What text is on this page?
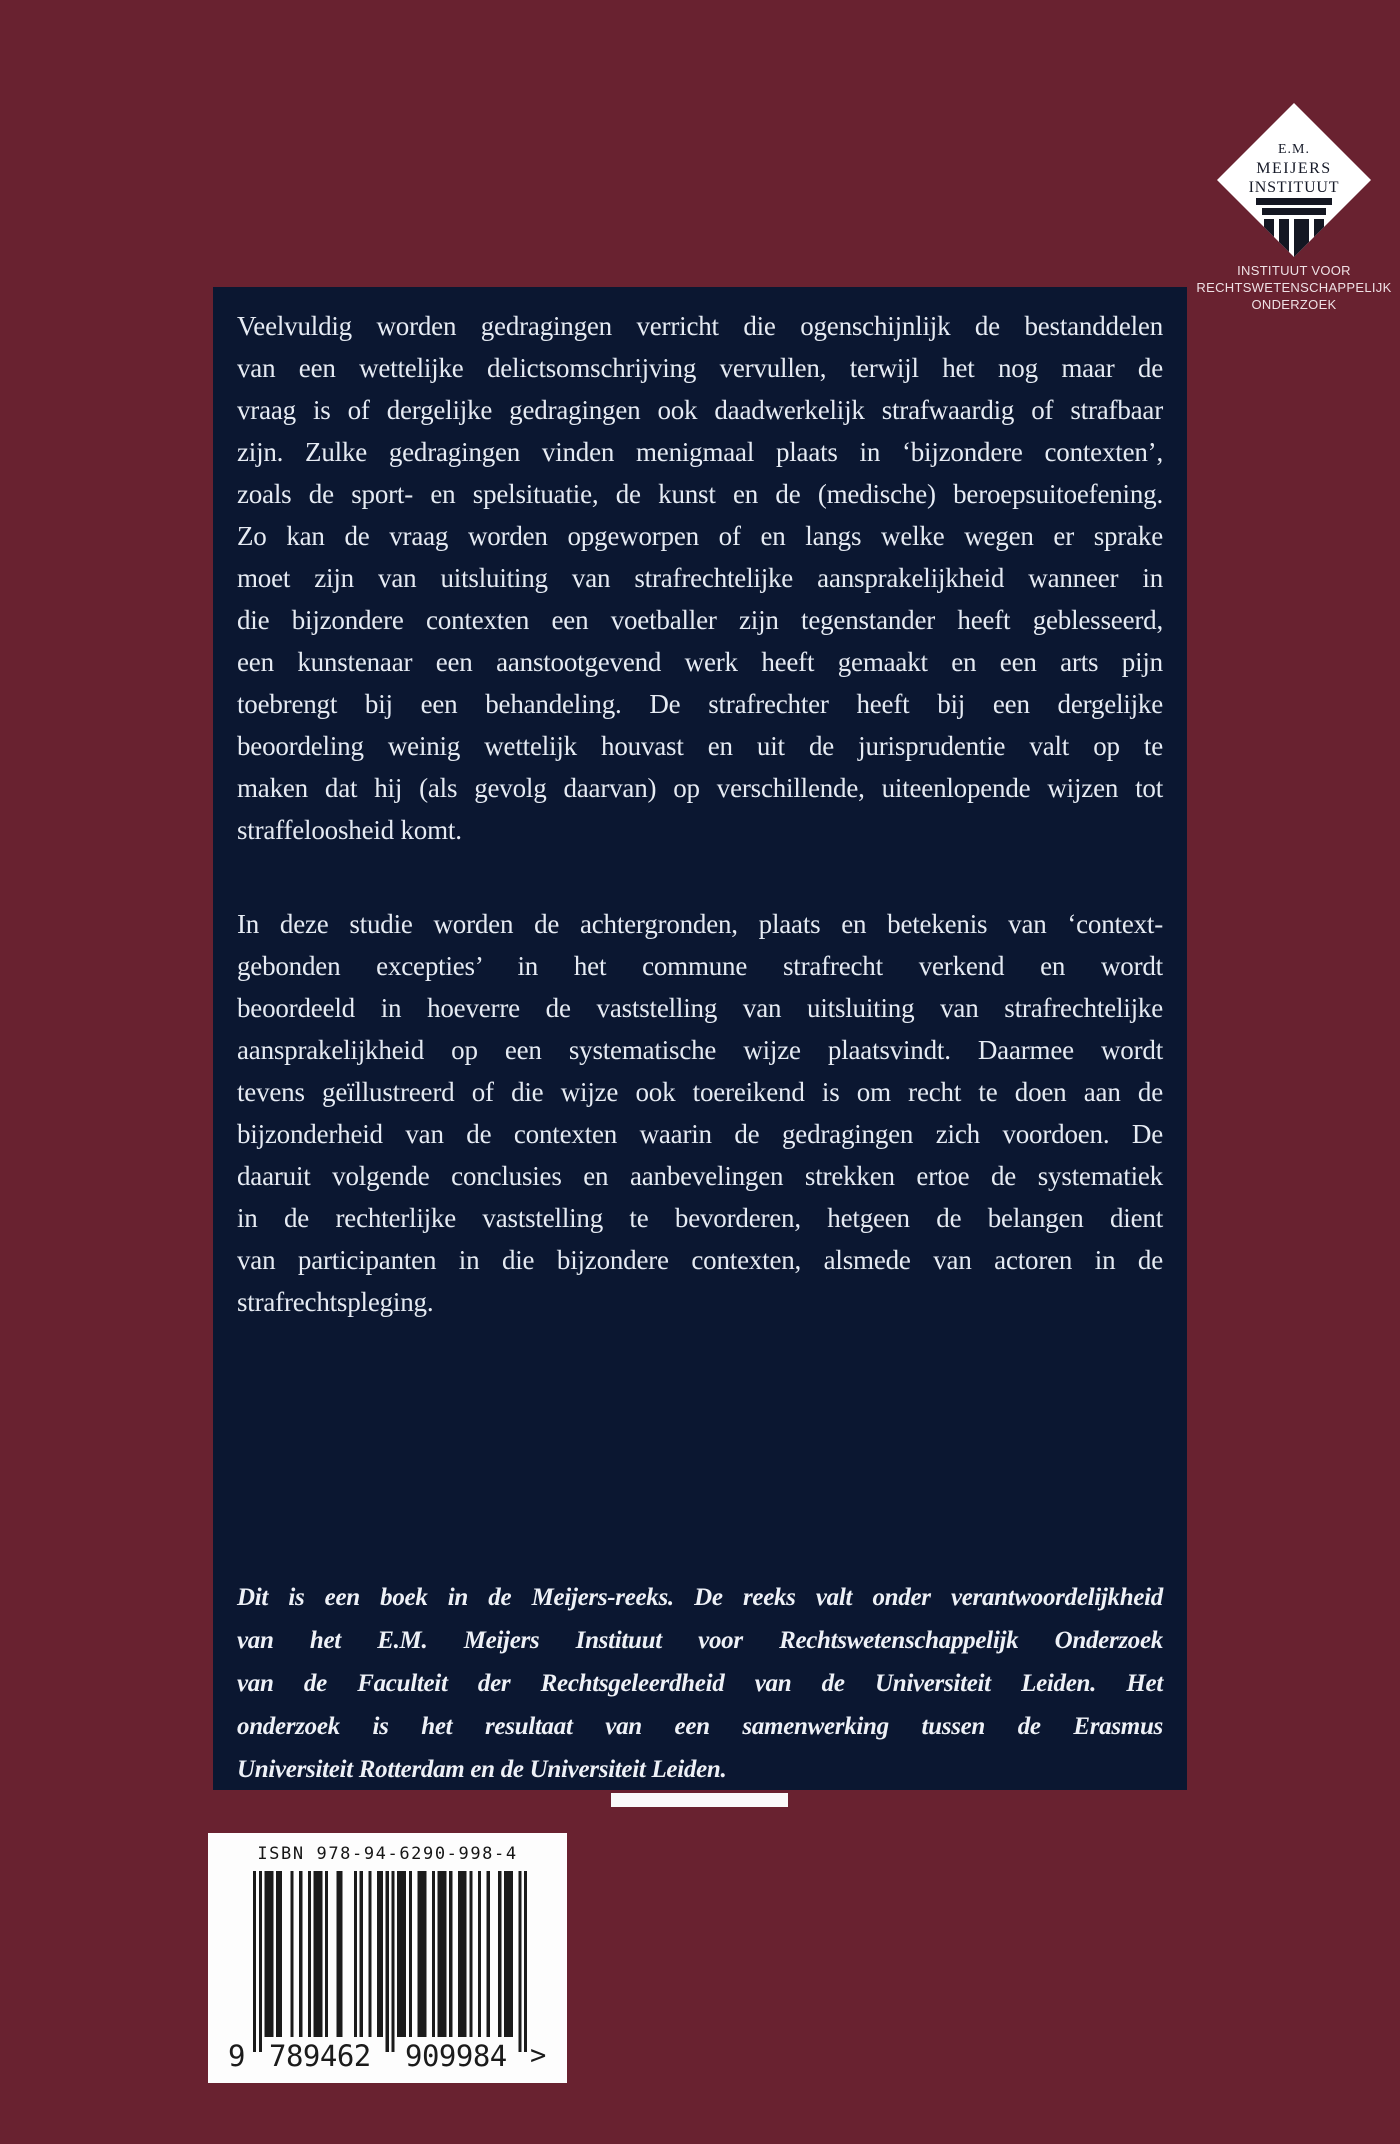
E.M.
MEIJERS
INSTITUUT
INSTITUUT VOOR
RECHTSWETENSCHAPPELIJK
ONDERZOEK
Veelvuldig worden gedragingen verricht die ogenschijnlijk de bestanddelen
van een wettelijke delictsomschrijving vervullen, terwijl het nog maar de
vraag is of dergelijke gedragingen ook daadwerkelijk strafwaardig of strafbaar
zijn. Zulke gedragingen vinden menigmaal plaats in ‘bijzondere contexten’,
zoals de sport- en spelsituatie, de kunst en de (medische) beroepsuitoefening.
Zo kan de vraag worden opgeworpen of en langs welke wegen er sprake
moet zijn van uitsluiting van strafrechtelijke aansprakelijkheid wanneer in
die bijzondere contexten een voetballer zijn tegenstander heeft geblesseerd,
een kunstenaar een aanstootgevend werk heeft gemaakt en een arts pijn
toebrengt bij een behandeling. De strafrechter heeft bij een dergelijke
beoordeling weinig wettelijk houvast en uit de jurisprudentie valt op te
maken dat hij (als gevolg daarvan) op verschillende, uiteenlopende wijzen tot
straffeloosheid komt.
In deze studie worden de achtergronden, plaats en betekenis van ‘context-
gebonden excepties’ in het commune strafrecht verkend en wordt
beoordeeld in hoeverre de vaststelling van uitsluiting van strafrechtelijke
aansprakelijkheid op een systematische wijze plaatsvindt. Daarmee wordt
tevens geïllustreerd of die wijze ook toereikend is om recht te doen aan de
bijzonderheid van de contexten waarin de gedragingen zich voordoen. De
daaruit volgende conclusies en aanbevelingen strekken ertoe de systematiek
in de rechterlijke vaststelling te bevorderen, hetgeen de belangen dient
van participanten in die bijzondere contexten, alsmede van actoren in de
strafrechtspleging.
Dit is een boek in de Meijers-reeks. De reeks valt onder verantwoordelijkheid
van het E.M. Meijers Instituut voor Rechtswetenschappelijk Onderzoek
van de Faculteit der Rechtsgeleerdheid van de Universiteit Leiden. Het
onderzoek is het resultaat van een samenwerking tussen de Erasmus
Universiteit Rotterdam en de Universiteit Leiden.
ISBN 978-94-6290-998-4
9 789462 909984 >
